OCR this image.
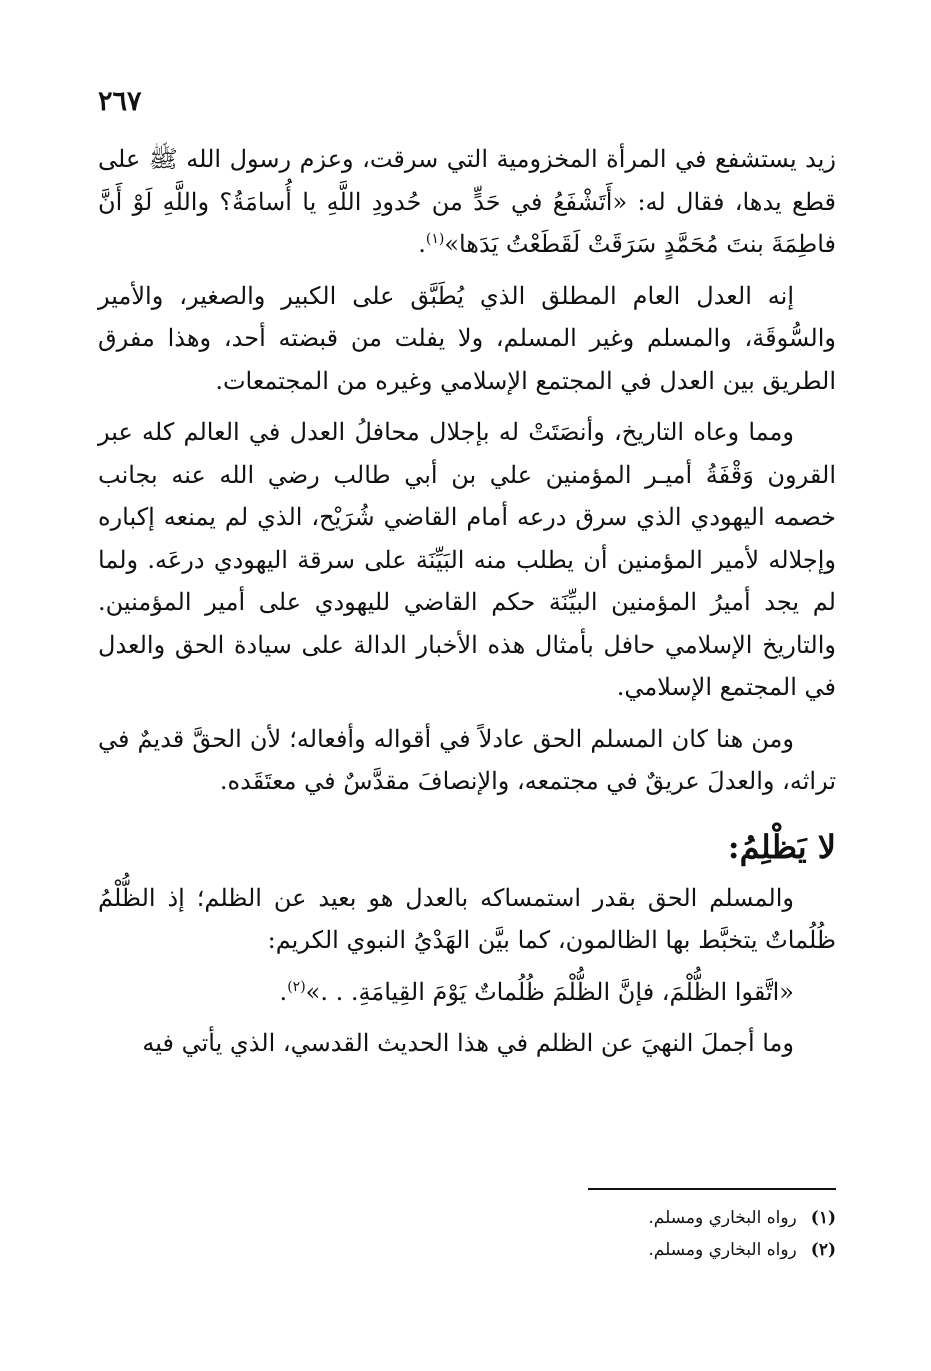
٢٦٧

زيد يستشفع في المرأة المخزومية التي سرقت، وعزم رسول الله ﷺ على قطع يدها، فقال له: «أَتَشْفَعُ في حَدٍّ من حُدودِ اللَّهِ يا أُسامَةُ؟ واللَّهِ لَوْ أَنَّ فاطِمَةَ بنتَ مُحَمَّدٍ سَرَقَتْ لَقَطَعْتُ يَدَها»$^{(١)}$.

إنه العدل العام المطلق الذي يُطَبَّق على الكبير والصغير، والأمير والسُّوقَة، والمسلم وغير المسلم، ولا يفلت من قبضته أحد، وهذا مفرق الطريق بين العدل في المجتمع الإسلامي وغيره من المجتمعات.

ومما وعاه التاريخ، وأنصَتَتْ له بإجلال محافلُ العدل في العالم كله عبر القرون وَقْفَةُ أميـر المؤمنين علي بن أبي طالب رضي الله عنه بجانب خصمه اليهودي الذي سرق درعه أمام القاضي شُرَيْح، الذي لم يمنعه إكباره وإجلاله لأمير المؤمنين أن يطلب منه البَيِّنَة على سرقة اليهودي درعَه. ولما لم يجد أميرُ المؤمنين البيِّنَة حكم القاضي لليهودي على أمير المؤمنين. والتاريخ الإسلامي حافل بأمثال هذه الأخبار الدالة على سيادة الحق والعدل في المجتمع الإسلامي.

ومن هنا كان المسلم الحق عادلاً في أقواله وأفعاله؛ لأن الحقَّ قديمٌ في تراثه، والعدلَ عريقٌ في مجتمعه، والإنصافَ مقدَّسٌ في معتَقَده.

لا يَظْلِمُ:

والمسلم الحق بقدر استمساكه بالعدل هو بعيد عن الظلم؛ إذ الظُّلْمُ ظُلُماتٌ يتخبَّط بها الظالمون، كما بيَّن الهَدْيُ النبوي الكريم:

«اتَّقوا الظُّلْمَ، فإنَّ الظُّلْمَ ظُلُماتٌ يَوْمَ القِيامَةِ. . .»$^{(٢)}$.

وما أجملَ النهيَ عن الظلم في هذا الحديث القدسي، الذي يأتي فيه

(١)رواه البخاري ومسلم.

(٢)رواه البخاري ومسلم.
